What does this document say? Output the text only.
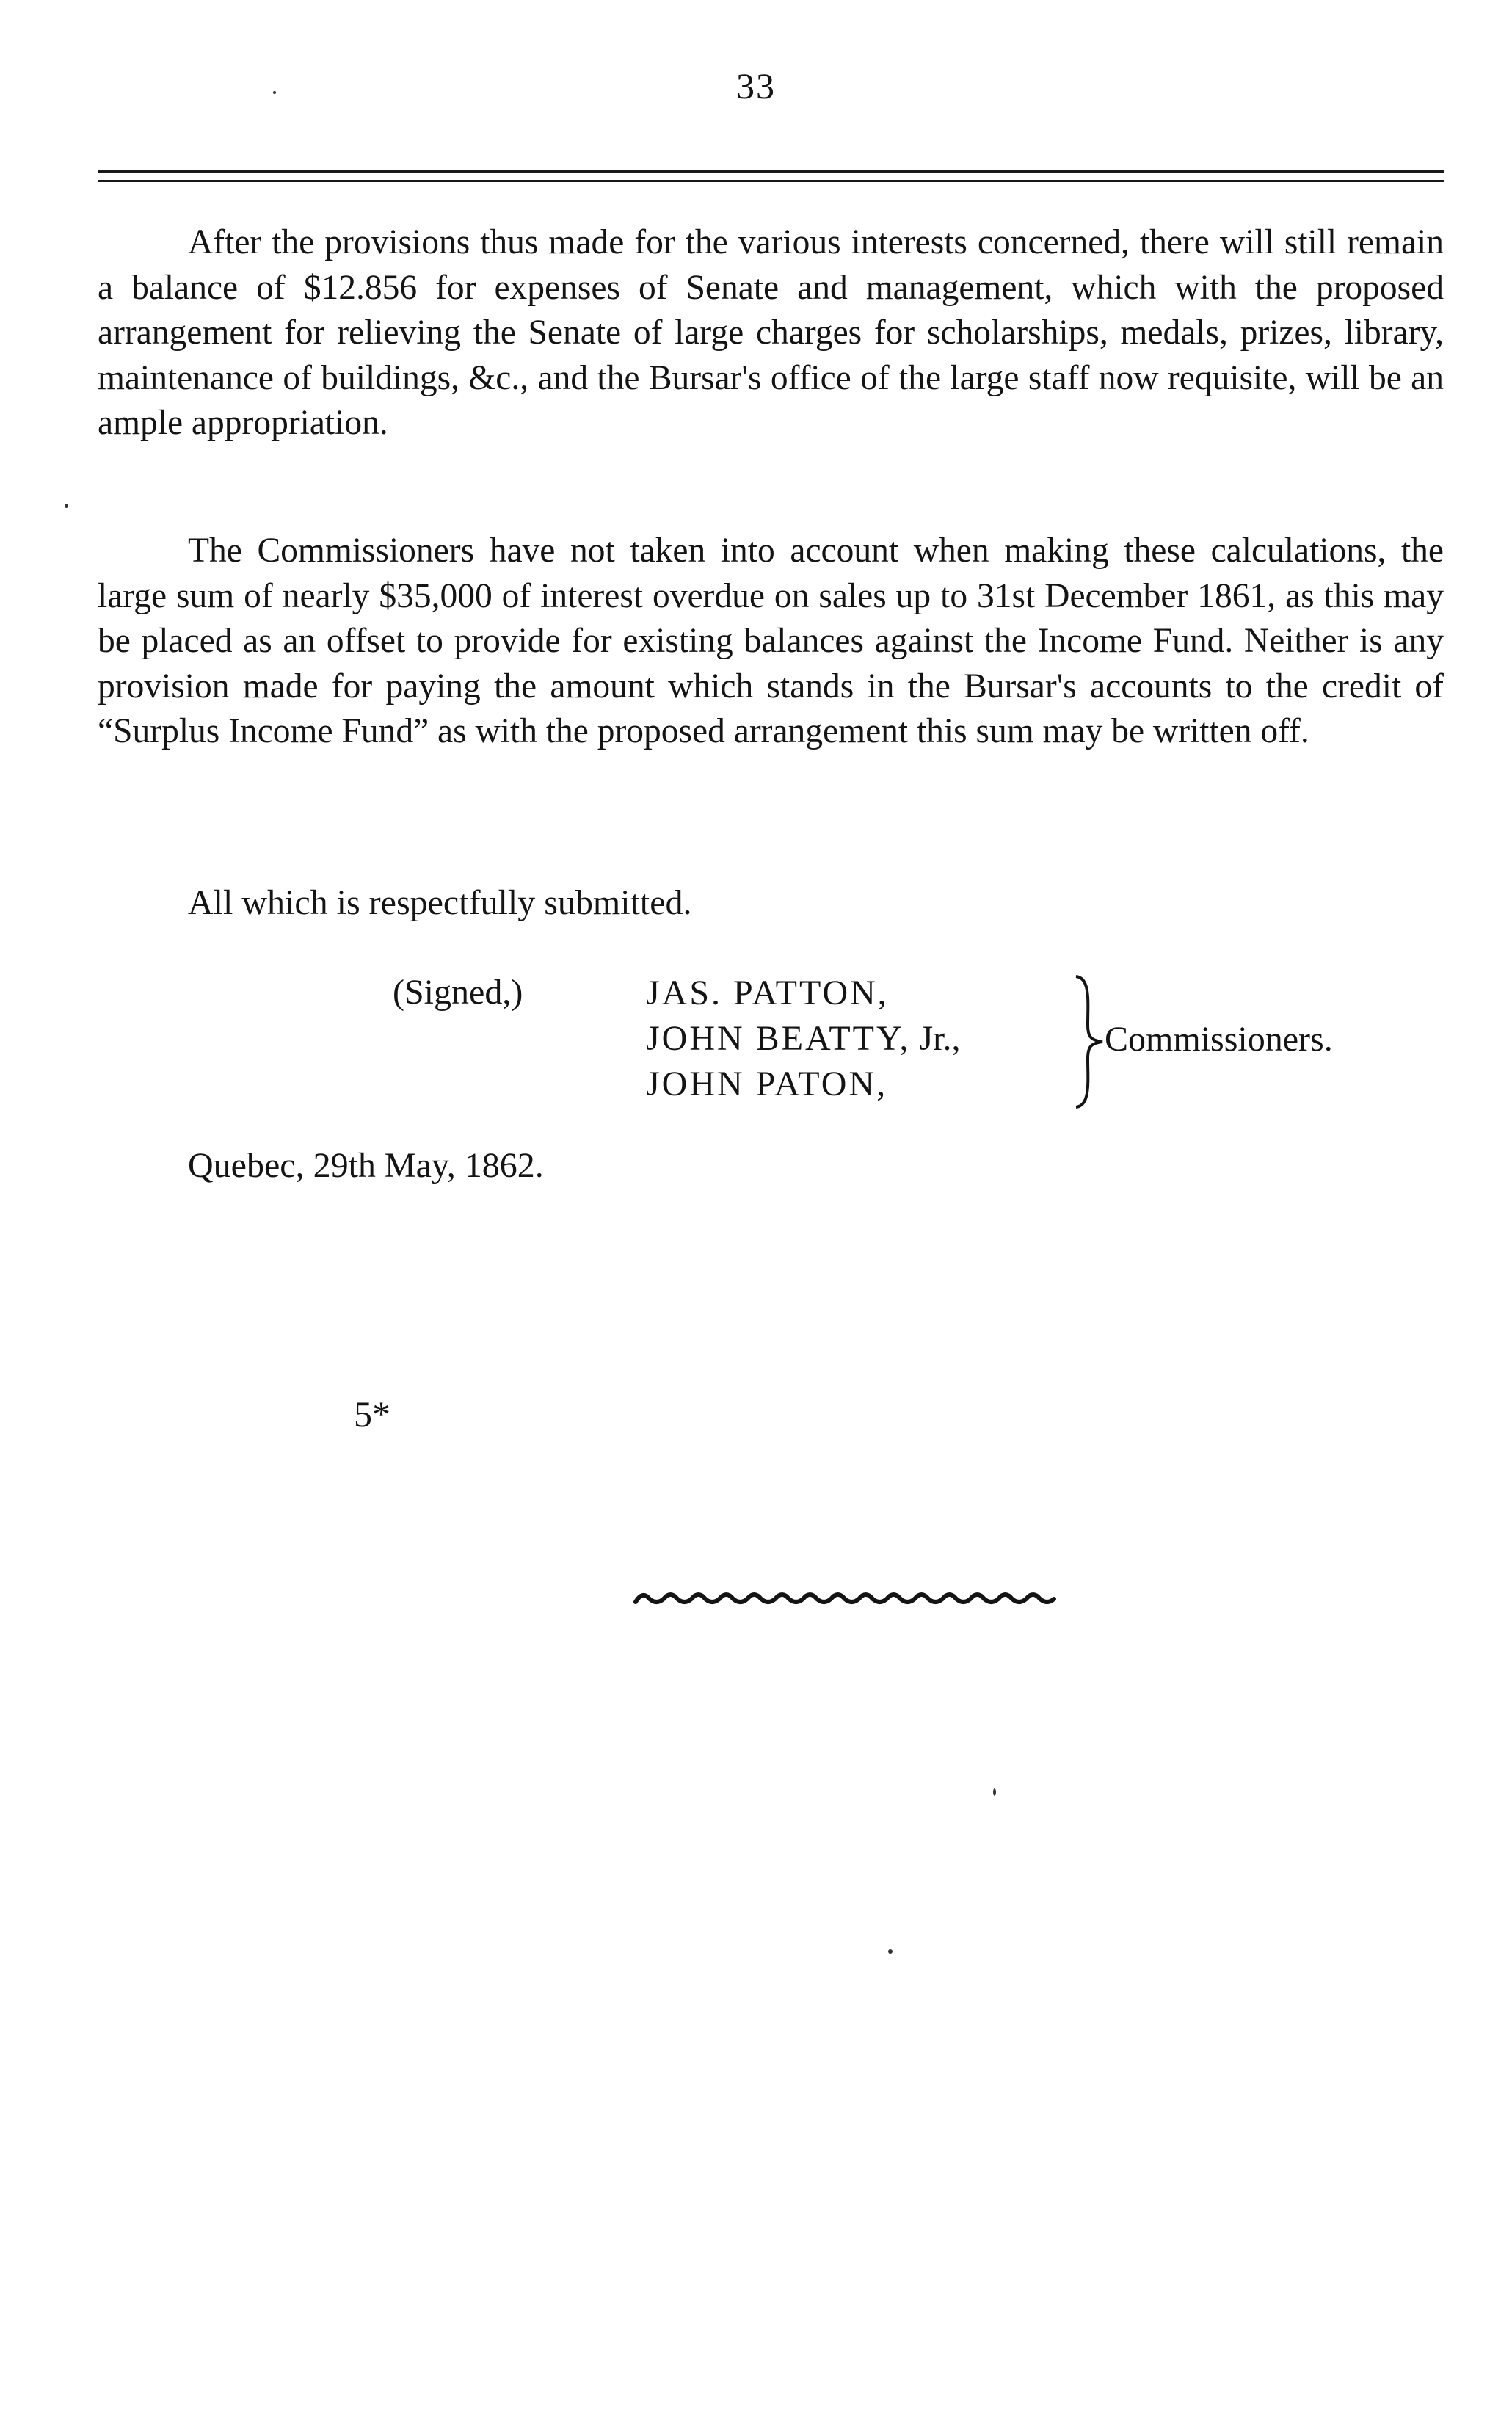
33

After the provisions thus made for the various interests concerned, there will still remain a balance of $12.856 for expenses of Senate and management, which with the proposed arrangement for relieving the Senate of large charges for scholarships, medals, prizes, library, maintenance of buildings, &c., and the Bursar's office of the large staff now requisite, will be an ample appropriation.

The Commissioners have not taken into account when making these calculations, the large sum of nearly $35,000 of interest overdue on sales up to 31st December 1861, as this may be placed as an offset to provide for existing balances against the Income Fund. Neither is any provision made for paying the amount which stands in the Bursar's accounts to the credit of “Surplus Income Fund” as with the proposed arrangement this sum may be written off.

All which is respectfully submitted.

(Signed,)	JAS. PATTON,
JOHN BEATTY, Jr.,
JOHN PATON,
Commissioners.
Quebec, 29th May, 1862.
5*
